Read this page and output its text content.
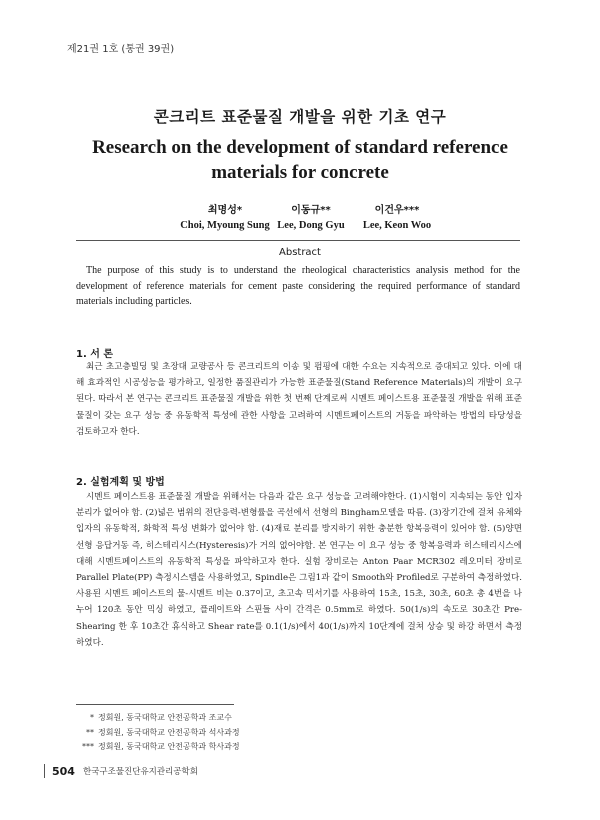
제21권 1호 (통권 39권)
콘크리트 표준물질 개발을 위한 기초 연구
Research on the development of standard reference materials for concrete
최명성*
Choi, Myoung Sung
이동규**
Lee, Dong Gyu
이건우***
Lee, Keon Woo
Abstract
The purpose of this study is to understand the rheological characteristics analysis method for the development of reference materials for cement paste considering the required performance of standard materials including particles.
1. 서 론
최근 초고층빌딩 및 초장대 교량공사 등 콘크리트의 이송 및 펌핑에 대한 수요는 지속적으로 증대되고 있다. 이에 대해 효과적인 시공성능을 평가하고, 일정한 품질관리가 가능한 표준물질(Stand Reference Materials)의 개발이 요구된다. 따라서 본 연구는 콘크리트 표준물질 개발을 위한 첫 번째 단계로써 시멘트 페이스트용 표준물질 개발을 위해 표준물질이 갖는 요구 성능 중 유동학적 특성에 관한 사항을 고려하여 시멘트페이스트의 거동을 파악하는 방법의 타당성을 검토하고자 한다.
2. 실험계획 및 방법
시멘트 페이스트용 표준물질 개발을 위해서는 다음과 같은 요구 성능을 고려해야한다. (1)시험이 지속되는 동안 입자 분리가 없어야 함. (2)넓은 범위의 전단응력-변형률을 곡선에서 선형의 Bingham모델을 따름. (3)장기간에 걸쳐 유체와 입자의 유동학적, 화학적 특성 변화가 없어야 함. (4)재료 분리를 방지하기 위한 충분한 항복응력이 있어야 함. (5)양면 선형 응답거동 즉, 히스테리시스(Hysteresis)가 거의 없어야함. 본 연구는 이 요구 성능 중 항복응력과 히스테리시스에 대해 시멘트페이스트의 유동학적 특성을 파악하고자 한다. 실험 장비로는 Anton Paar MCR302 레오미터 장비로 Parallel Plate(PP) 측정시스템을 사용하였고, Spindle은 그림1과 같이 Smooth와 Profiled로 구분하여 측정하였다. 사용된 시멘트 페이스트의 물-시멘트 비는 0.37이고, 초고속 믹서기를 사용하여 15초, 15초, 30초, 60초 총 4번을 나누어 120초 동안 믹싱 하였고, 플레이트와 스핀들 사이 간격은 0.5mm로 하였다. 50(1/s)의 속도로 30초간 Pre-Shearing 한 후 10초간 휴식하고 Shear rate를 0.1(1/s)에서 40(1/s)까지 10단계에 걸쳐 상승 및 하강 하면서 측정하였다.
* 정회원, 동국대학교 안전공학과 조교수
** 정회원, 동국대학교 안전공학과 석사과정
*** 정회원, 동국대학교 안전공학과 학사과정
504 한국구조물진단유지관리공학회
